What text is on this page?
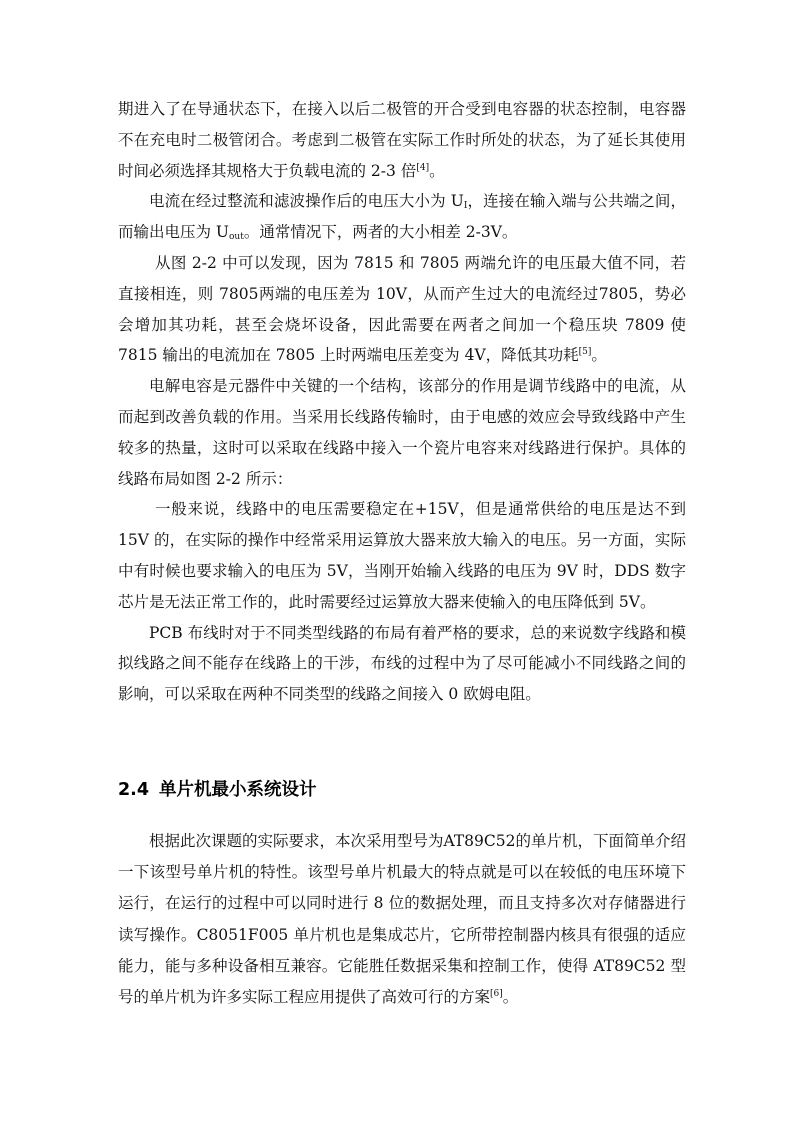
期进入了在导通状态下，在接入以后二极管的开合受到电容器的状态控制，电容器不在充电时二极管闭合。考虑到二极管在实际工作时所处的状态，为了延长其使用时间必须选择其规格大于负载电流的 2-3 倍[4]。

电流在经过整流和滤波操作后的电压大小为 $U_I$，连接在输入端与公共端之间，而输出电压为 $U_{out}$。通常情况下，两者的大小相差 2-3V。

从图 2-2 中可以发现，因为 7815 和 7805 两端允许的电压最大值不同，若直接相连，则 7805两端的电压差为 10V，从而产生过大的电流经过7805，势必会增加其功耗，甚至会烧坏设备，因此需要在两者之间加一个稳压块 7809 使 7815 输出的电流加在 7805 上时两端电压差变为 4V，降低其功耗[5]。

电解电容是元器件中关键的一个结构，该部分的作用是调节线路中的电流，从而起到改善负载的作用。当采用长线路传输时，由于电感的效应会导致线路中产生较多的热量，这时可以采取在线路中接入一个瓷片电容来对线路进行保护。具体的线路布局如图 2-2 所示：

一般来说，线路中的电压需要稳定在+15V，但是通常供给的电压是达不到 15V 的，在实际的操作中经常采用运算放大器来放大输入的电压。另一方面，实际中有时候也要求输入的电压为 5V，当刚开始输入线路的电压为 9V 时，DDS 数字芯片是无法正常工作的，此时需要经过运算放大器来使输入的电压降低到 5V。

PCB 布线时对于不同类型线路的布局有着严格的要求，总的来说数字线路和模拟线路之间不能存在线路上的干涉，布线的过程中为了尽可能减小不同线路之间的影响，可以采取在两种不同类型的线路之间接入 0 欧姆电阻。

2.4 单片机最小系统设计

根据此次课题的实际要求，本次采用型号为AT89C52的单片机，下面简单介绍一下该型号单片机的特性。该型号单片机最大的特点就是可以在较低的电压环境下运行，在运行的过程中可以同时进行 8 位的数据处理，而且支持多次对存储器进行读写操作。C8051F005 单片机也是集成芯片，它所带控制器内核具有很强的适应能力，能与多种设备相互兼容。它能胜任数据采集和控制工作，使得 AT89C52 型号的单片机为许多实际工程应用提供了高效可行的方案[6]。
